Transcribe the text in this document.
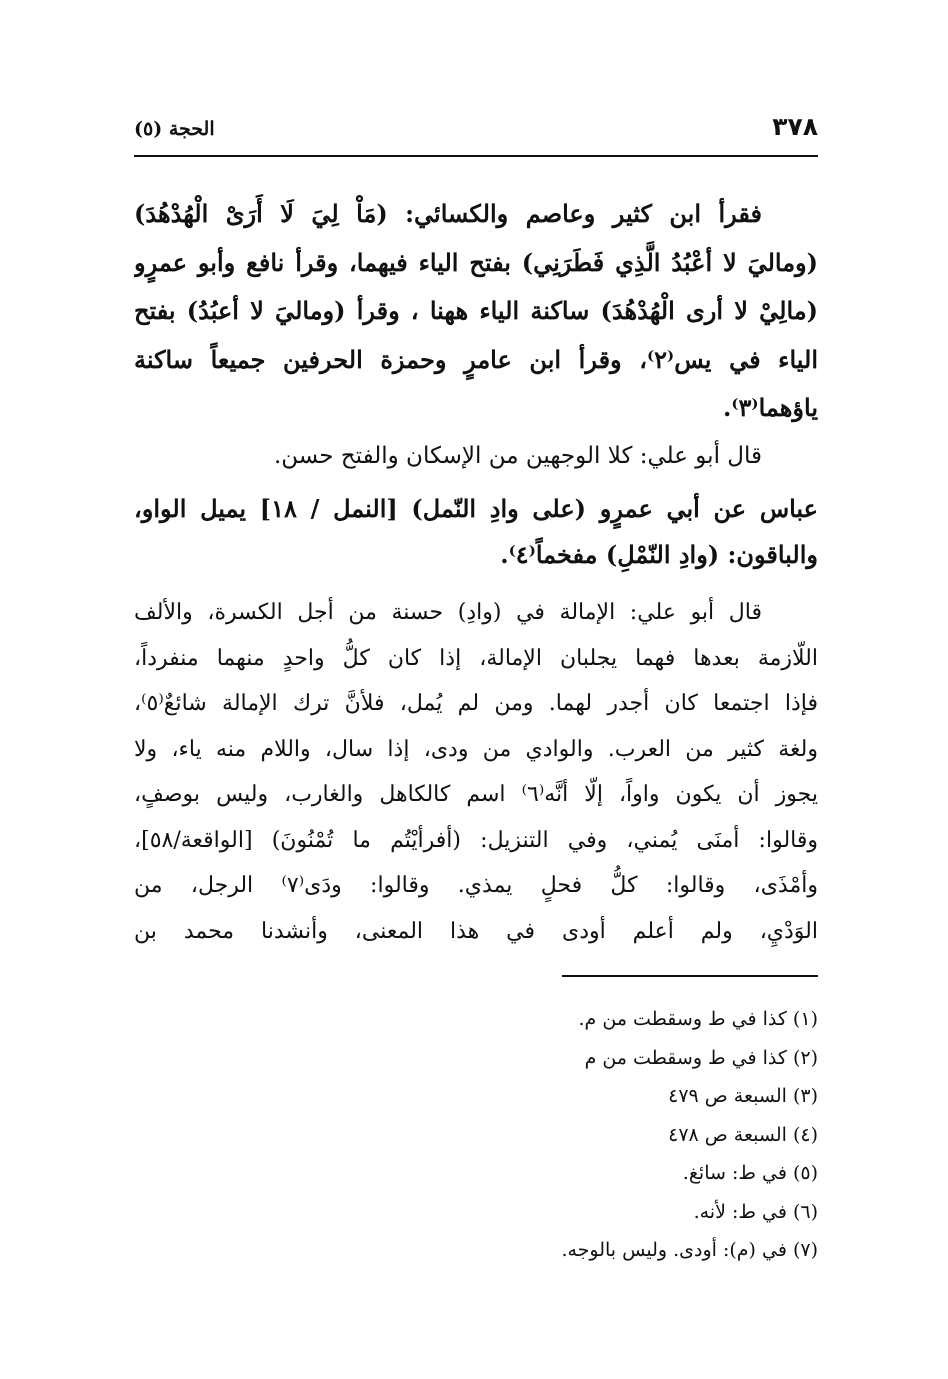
٣٧٨
الحجة (٥)
فقرأ ابن كثير وعاصم والكسائي: (مَاْ لِيَ لَا أَرَىْ الْهُدْهُدَ)
(وماليَ لا أعْبُدُ الَّذِي فَطَرَنِي) بفتح الياء فيهما، وقرأ نافع وأبو عمرٍو
(مالِيْ لا أرى الْهُدْهُدَ) ساكنة الياء ههنا ، وقرأ (وماليَ لا أعبُدُ) بفتح
الياء في يس⁽٢⁾، وقرأ ابن عامرٍ وحمزة الحرفين جميعاً ساكنة
ياؤهما⁽٣⁾.
قال أبو علي: كلا الوجهين من الإسكان والفتح حسن.
عباس عن أبي عمرٍو (على وادِ النّمل) [النمل / ١٨] يميل الواو،
والباقون: (وادِ النّمْلِ) مفخماً⁽٤⁾.
قال أبو علي: الإمالة في (وادِ) حسنة من أجل الكسرة، والألف
اللّازمة بعدها فهما يجلبان الإمالة، إذا كان كلُّ واحدٍ منهما منفرداً،
فإذا اجتمعا كان أجدر لهما. ومن لم يُمل، فلأنَّ ترك الإمالة شائعٌ⁽٥⁾،
ولغة كثير من العرب. والوادي من ودى، إذا سال، واللام منه ياء، ولا
يجوز أن يكون واواً، إلّا أنَّه⁽٦⁾ اسم كالكاهل والغارب، وليس بوصفٍ،
وقالوا: أمنَى يُمني، وفي التنزيل: (أفرأيْتُم ما تُمْنُونَ) [الواقعة/٥٨]،
وأمْذَى، وقالوا: كلُّ فحلٍ يمذي. وقالوا: ودَى⁽٧⁾ الرجل، من
الوَدْيِ، ولم أعلم أودى في هذا المعنى، وأنشدنا محمد بن
(١) كذا في ط وسقطت من م.
(٢) كذا في ط وسقطت من م
(٣) السبعة ص ٤٧٩
(٤) السبعة ص ٤٧٨
(٥) في ط: سائغ.
(٦) في ط: لأنه.
(٧) في (م): أودى. وليس بالوجه.
